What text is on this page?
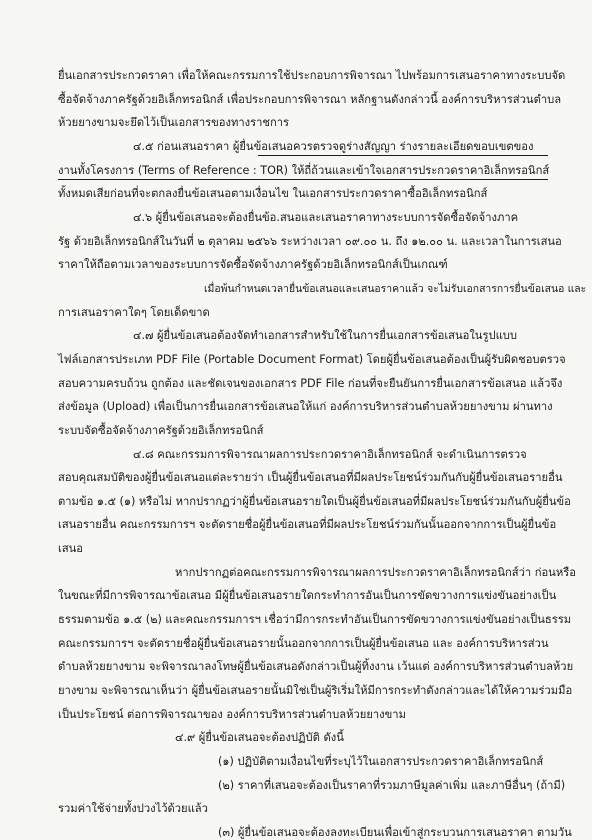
ยื่นเอกสารประกวดราคา เพื่อให้คณะกรรมการใช้ประกอบการพิจารณา ไปพร้อมการเสนอราคาทางระบบจัด
ซื้อจัดจ้างภาครัฐด้วยอิเล็กทรอนิกส์ เพื่อประกอบการพิจารณา หลักฐานดังกล่าวนี้ องค์การบริหารส่วนตำบล
ห้วยยางขามจะยึดไว้เป็นเอกสารของทางราชการ
๔.๕ ก่อนเสนอราคา ผู้ยื่นข้อเสนอควรตรวจดูร่างสัญญา ร่างรายละเอียดขอบเขตของ
งานทั้งโครงการ (Terms of Reference : TOR) ให้ถี่ถ้วนและเข้าใจเอกสารประกวดราคาอิเล็กทรอนิกส์
ทั้งหมดเสียก่อนที่จะตกลงยื่นข้อเสนอตามเงื่อนไข ในเอกสารประกวดราคาซื้ออิเล็กทรอนิกส์
๔.๖ ผู้ยื่นข้อเสนอจะต้องยื่นข้อ.สนอและเสนอราคาทางระบบการจัดซื้อจัดจ้างภาค
รัฐ ด้วยอิเล็กทรอนิกส์ในวันที่ ๒ ตุลาคม ๒๕๖๖ ระหว่างเวลา ๐๙.๐๐ น. ถึง ๑๒.๐๐ น. และเวลาในการเสนอ
ราคาให้ถือตามเวลาของระบบการจัดซื้อจัดจ้างภาครัฐด้วยอิเล็กทรอนิกส์เป็นเกณฑ์
เมื่อพ้นกำหนดเวลายื่นข้อเสนอและเสนอราคาแล้ว จะไม่รับเอกสารการยื่นข้อเสนอ และ
การเสนอราคาใดๆ โดยเด็ดขาด
๔.๗ ผู้ยื่นข้อเสนอต้องจัดทำเอกสารสำหรับใช้ในการยื่นเอกสารข้อเสนอในรูปแบบ
ไฟล์เอกสารประเภท PDF File (Portable Document Format) โดยผู้ยื่นข้อเสนอต้องเป็นผู้รับผิดชอบตรวจ
สอบความครบถ้วน ถูกต้อง และชัดเจนของเอกสาร PDF File ก่อนที่จะยืนยันการยื่นเอกสารข้อเสนอ แล้วจึง
ส่งข้อมูล (Upload) เพื่อเป็นการยื่นเอกสารข้อเสนอให้แก่ องค์การบริหารส่วนตำบลห้วยยางขาม ผ่านทาง
ระบบจัดซื้อจัดจ้างภาครัฐด้วยอิเล็กทรอนิกส์
๔.๘ คณะกรรมการพิจารณาผลการประกวดราคาอิเล็กทรอนิกส์ จะดำเนินการตรวจ
สอบคุณสมบัติของผู้ยื่นข้อเสนอแต่ละรายว่า เป็นผู้ยื่นข้อเสนอที่มีผลประโยชน์ร่วมกันกับผู้ยื่นข้อเสนอรายอื่น
ตามข้อ ๑.๕ (๑) หรือไม่ หากปรากฏว่าผู้ยื่นข้อเสนอรายใดเป็นผู้ยื่นข้อเสนอที่มีผลประโยชน์ร่วมกันกับผู้ยื่นข้อ
เสนอรายอื่น คณะกรรมการฯ จะตัดรายชื่อผู้ยื่นข้อเสนอที่มีผลประโยชน์ร่วมกันนั้นออกจากการเป็นผู้ยื่นข้อ
เสนอ
หากปรากฏต่อคณะกรรมการพิจารณาผลการประกวดราคาอิเล็กทรอนิกส์ว่า ก่อนหรือ
ในขณะที่มีการพิจารณาข้อเสนอ มีผู้ยื่นข้อเสนอรายใดกระทำการอันเป็นการขัดขวางการแข่งขันอย่างเป็น
ธรรมตามข้อ ๑.๕ (๒) และคณะกรรมการฯ เชื่อว่ามีการกระทำอันเป็นการขัดขวางการแข่งขันอย่างเป็นธรรม
คณะกรรมการฯ จะตัดรายชื่อผู้ยื่นข้อเสนอรายนั้นออกจากการเป็นผู้ยื่นข้อเสนอ และ องค์การบริหารส่วน
ตำบลห้วยยางขาม จะพิจารณาลงโทษผู้ยื่นข้อเสนอดังกล่าวเป็นผู้ทิ้งงาน เว้นแต่ องค์การบริหารส่วนตำบลห้วย
ยางขาม จะพิจารณาเห็นว่า ผู้ยื่นข้อเสนอรายนั้นมิใช่เป็นผู้ริเริ่มให้มีการกระทำดังกล่าวและได้ให้ความร่วมมือ
เป็นประโยชน์ ต่อการพิจารณาของ องค์การบริหารส่วนตำบลห้วยยางขาม
๔.๙ ผู้ยื่นข้อเสนอจะต้องปฏิบัติ ดังนี้
(๑) ปฏิบัติตามเงื่อนไขที่ระบุไว้ในเอกสารประกวดราคาอิเล็กทรอนิกส์
(๒) ราคาที่เสนอจะต้องเป็นราคาที่รวมภาษีมูลค่าเพิ่ม และภาษีอื่นๆ (ถ้ามี)
รวมค่าใช้จ่ายทั้งปวงไว้ด้วยแล้ว
(๓) ผู้ยื่นข้อเสนอจะต้องลงทะเบียนเพื่อเข้าสู่กระบวนการเสนอราคา ตามวัน
